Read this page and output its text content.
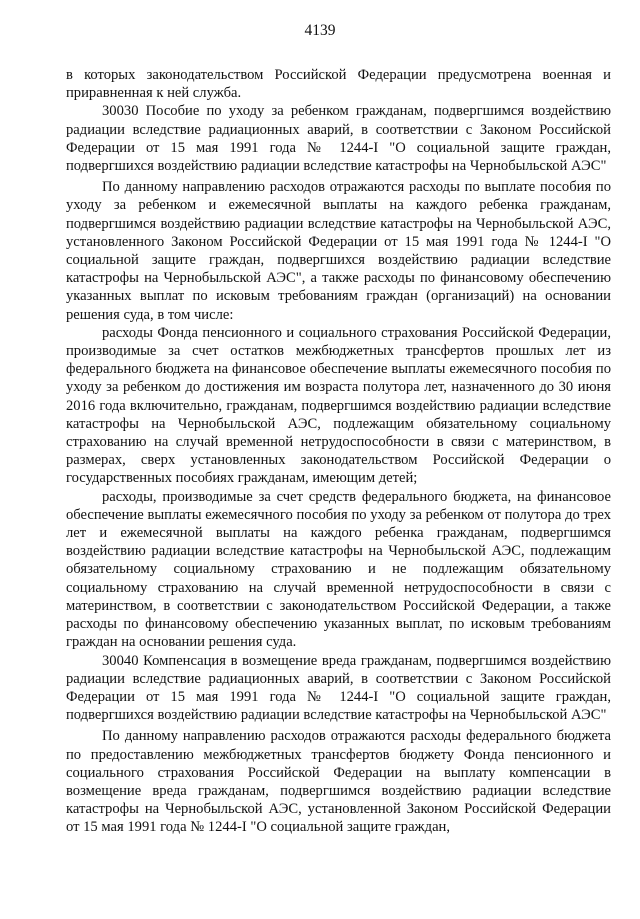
4139

в которых законодательством Российской Федерации предусмотрена военная и приравненная к ней служба.

30030 Пособие по уходу за ребенком гражданам, подвергшимся воздействию радиации вследствие радиационных аварий, в соответствии с Законом Российской Федерации от 15 мая 1991 года № 1244-I "О социальной защите граждан, подвергшихся воздействию радиации вследствие катастрофы на Чернобыльской АЭС"

По данному направлению расходов отражаются расходы по выплате пособия по уходу за ребенком и ежемесячной выплаты на каждого ребенка гражданам, подвергшимся воздействию радиации вследствие катастрофы на Чернобыльской АЭС, установленного Законом Российской Федерации от 15 мая 1991 года № 1244-I "О социальной защите граждан, подвергшихся воздействию радиации вследствие катастрофы на Чернобыльской АЭС", а также расходы по финансовому обеспечению указанных выплат по исковым требованиям граждан (организаций) на основании решения суда, в том числе:

расходы Фонда пенсионного и социального страхования Российской Федерации, производимые за счет остатков межбюджетных трансфертов прошлых лет из федерального бюджета на финансовое обеспечение выплаты ежемесячного пособия по уходу за ребенком до достижения им возраста полутора лет, назначенного до 30 июня 2016 года включительно, гражданам, подвергшимся воздействию радиации вследствие катастрофы на Чернобыльской АЭС, подлежащим обязательному социальному страхованию на случай временной нетрудоспособности в связи с материнством, в размерах, сверх установленных законодательством Российской Федерации о государственных пособиях гражданам, имеющим детей;

расходы, производимые за счет средств федерального бюджета, на финансовое обеспечение выплаты ежемесячного пособия по уходу за ребенком от полутора до трех лет и ежемесячной выплаты на каждого ребенка гражданам, подвергшимся воздействию радиации вследствие катастрофы на Чернобыльской АЭС, подлежащим обязательному социальному страхованию и не подлежащим обязательному социальному страхованию на случай временной нетрудоспособности в связи с материнством, в соответствии с законодательством Российской Федерации, а также расходы по финансовому обеспечению указанных выплат, по исковым требованиям граждан на основании решения суда.

30040 Компенсация в возмещение вреда гражданам, подвергшимся воздействию радиации вследствие радиационных аварий, в соответствии с Законом Российской Федерации от 15 мая 1991 года № 1244-I "О социальной защите граждан, подвергшихся воздействию радиации вследствие катастрофы на Чернобыльской АЭС"

По данному направлению расходов отражаются расходы федерального бюджета по предоставлению межбюджетных трансфертов бюджету Фонда пенсионного и социального страхования Российской Федерации на выплату компенсации в возмещение вреда гражданам, подвергшимся воздействию радиации вследствие катастрофы на Чернобыльской АЭС, установленной Законом Российской Федерации от 15 мая 1991 года № 1244-I "О социальной защите граждан,
